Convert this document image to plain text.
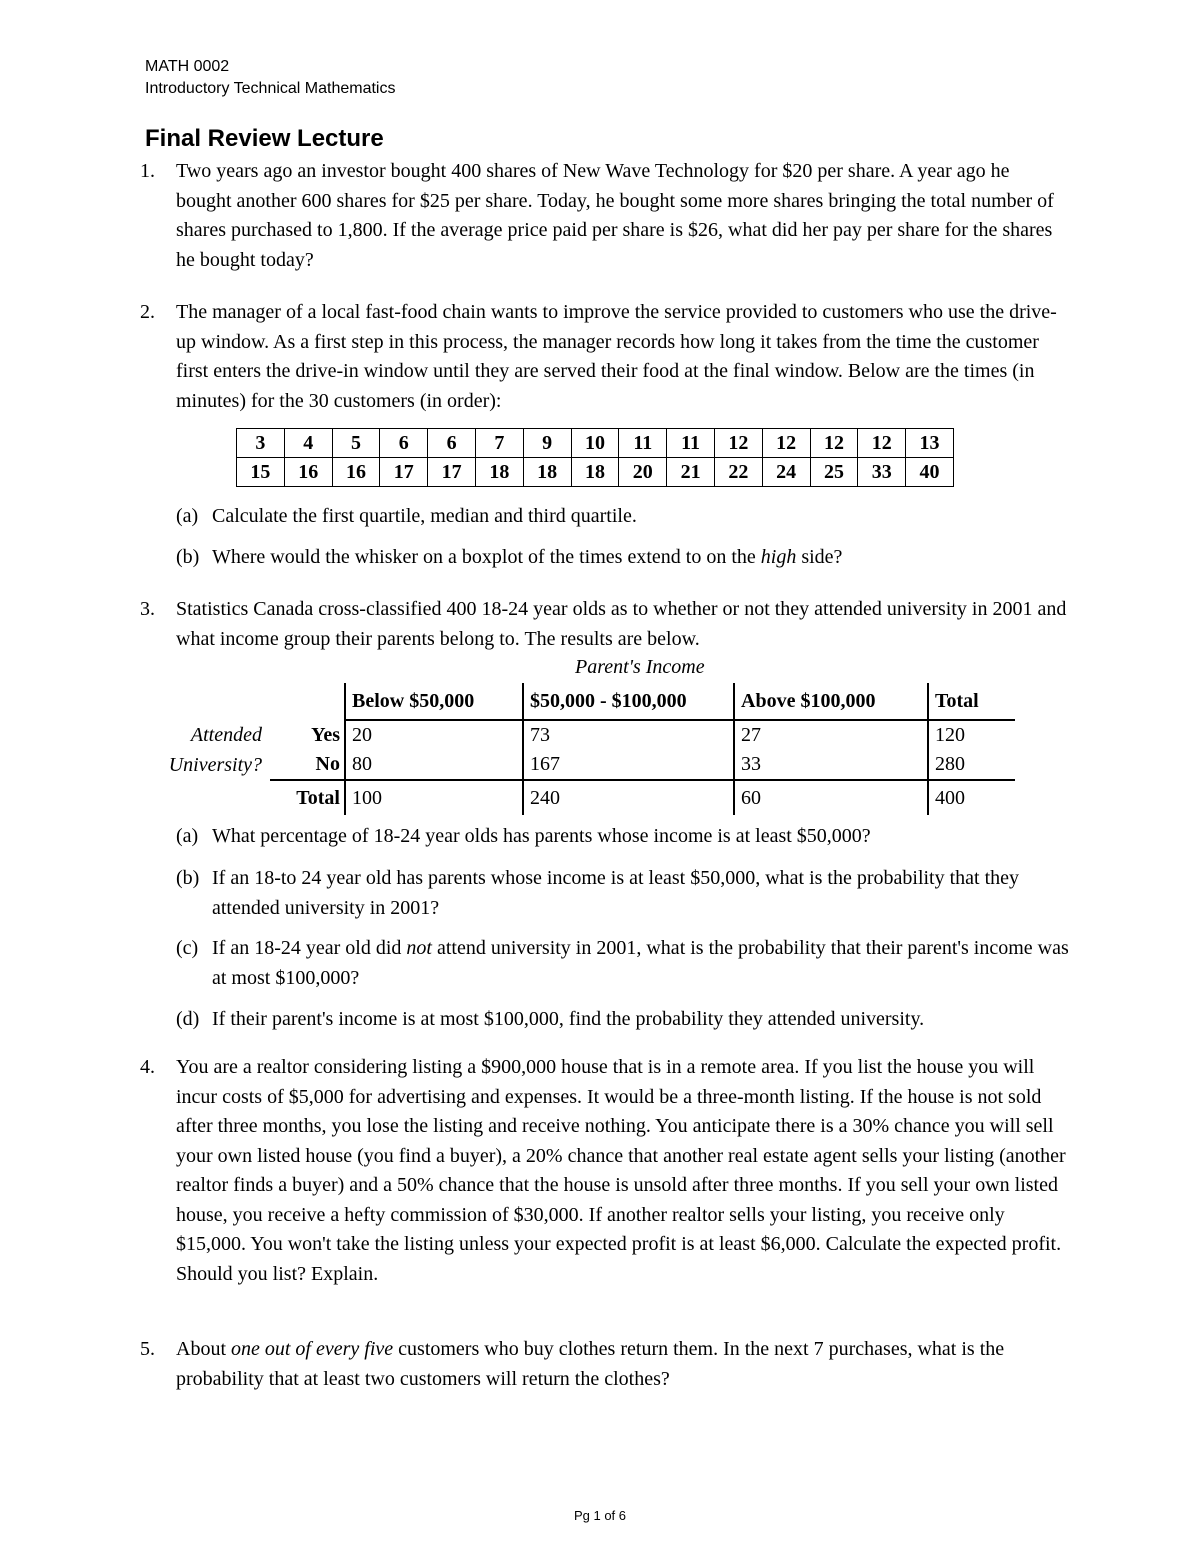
MATH 0002
Introductory Technical Mathematics
Final Review Lecture
1. Two years ago an investor bought 400 shares of New Wave Technology for $20 per share. A year ago he bought another 600 shares for $25 per share. Today, he bought some more shares bringing the total number of shares purchased to 1,800. If the average price paid per share is $26, what did her pay per share for the shares he bought today?
2. The manager of a local fast-food chain wants to improve the service provided to customers who use the drive-up window. As a first step in this process, the manager records how long it takes from the time the customer first enters the drive-in window until they are served their food at the final window. Below are the times (in minutes) for the 30 customers (in order):
3	4	5	6	6	7	9	10	11	11	12	12	12	12	13
15	16	16	17	17	18	18	18	20	21	22	24	25	33	40
(a) Calculate the first quartile, median and third quartile.
(b) Where would the whisker on a boxplot of the times extend to on the high side?
3. Statistics Canada cross-classified 400 18-24 year olds as to whether or not they attended university in 2001 and what income group their parents belong to. The results are below.
Parent's Income
		Below $50,000	$50,000 - $100,000	Above $100,000	Total
Attended	Yes	20	73	27	120
University?	No	80	167	33	280
	Total	100	240	60	400
(a) What percentage of 18-24 year olds has parents whose income is at least $50,000?
(b) If an 18-to 24 year old has parents whose income is at least $50,000, what is the probability that they attended university in 2001?
(c) If an 18-24 year old did not attend university in 2001, what is the probability that their parent's income was at most $100,000?
(d) If their parent's income is at most $100,000, find the probability they attended university.
4. You are a realtor considering listing a $900,000 house that is in a remote area. If you list the house you will incur costs of $5,000 for advertising and expenses. It would be a three-month listing. If the house is not sold after three months, you lose the listing and receive nothing. You anticipate there is a 30% chance you will sell your own listed house (you find a buyer), a 20% chance that another real estate agent sells your listing (another realtor finds a buyer) and a 50% chance that the house is unsold after three months. If you sell your own listed house, you receive a hefty commission of $30,000. If another realtor sells your listing, you receive only $15,000. You won't take the listing unless your expected profit is at least $6,000. Calculate the expected profit. Should you list? Explain.
5. About one out of every five customers who buy clothes return them. In the next 7 purchases, what is the probability that at least two customers will return the clothes?
Pg 1 of 6
